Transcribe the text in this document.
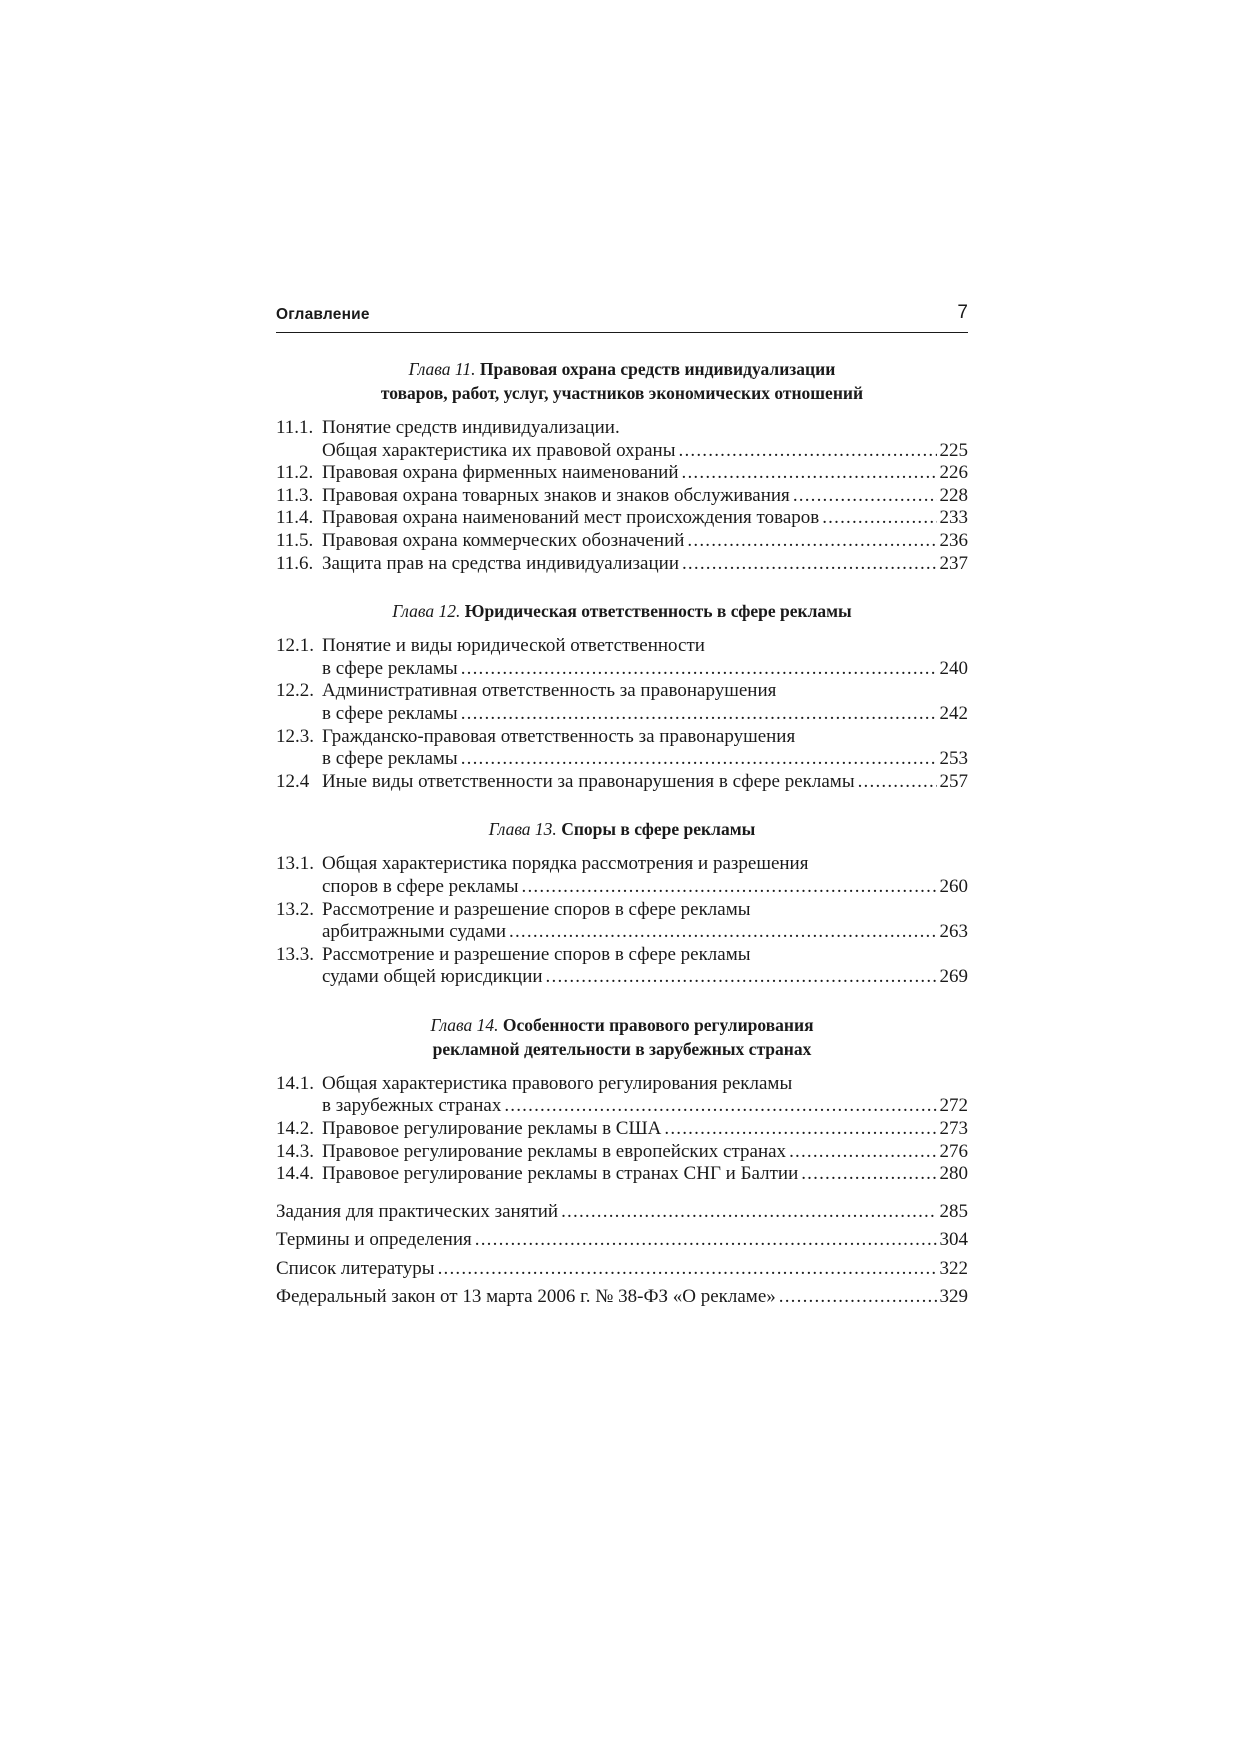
Оглавление	7
Глава 11. Правовая охрана средств индивидуализации
товаров, работ, услуг, участников экономических отношений
11.1. Понятие средств индивидуализации.
Общая характеристика их правовой охраны .....	225
11.2. Правовая охрана фирменных наименований .....	226
11.3. Правовая охрана товарных знаков и знаков обслуживания .....	228
11.4. Правовая охрана наименований мест происхождения товаров .....	233
11.5. Правовая охрана коммерческих обозначений .....	236
11.6. Защита прав на средства индивидуализации .....	237
Глава 12. Юридическая ответственность в сфере рекламы
12.1. Понятие и виды юридической ответственности
в сфере рекламы .....	240
12.2. Административная ответственность за правонарушения
в сфере рекламы .....	242
12.3. Гражданско-правовая ответственность за правонарушения
в сфере рекламы .....	253
12.4 Иные виды ответственности за правонарушения в сфере рекламы .....	257
Глава 13. Споры в сфере рекламы
13.1. Общая характеристика порядка рассмотрения и разрешения
споров в сфере рекламы .....	260
13.2. Рассмотрение и разрешение споров в сфере рекламы
арбитражными судами .....	263
13.3. Рассмотрение и разрешение споров в сфере рекламы
судами общей юрисдикции .....	269
Глава 14. Особенности правового регулирования
рекламной деятельности в зарубежных странах
14.1. Общая характеристика правового регулирования рекламы
в зарубежных странах .....	272
14.2. Правовое регулирование рекламы в США .....	273
14.3. Правовое регулирование рекламы в европейских странах .....	276
14.4. Правовое регулирование рекламы в странах СНГ и Балтии .....	280
Задания для практических занятий .....	285
Термины и определения .....	304
Список литературы .....	322
Федеральный закон от 13 марта 2006 г. № 38-ФЗ «О рекламе» .....	329
